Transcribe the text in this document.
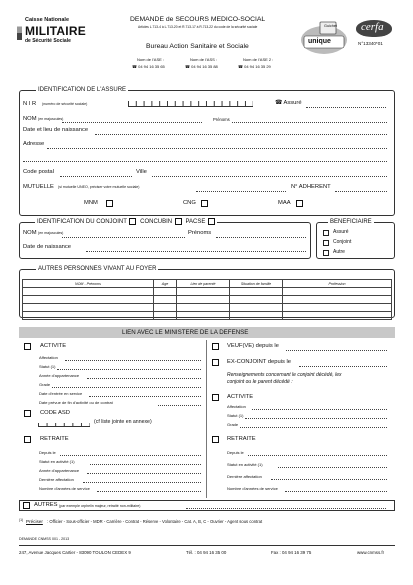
Caisse Nationale
MILITAIRE
de Sécurité Sociale
DEMANDE de SECOURS MEDICO-SOCIAL
Articles L.713-4 à L.713-20 et R.713-17 à R.713-22 du code de la sécurité sociale
Bureau Action Sanitaire et Sociale
Nom de l'ASE :
☎ 04 94 16 35 65
Nom de l'ASS :
☎ 04 94 16 35 88
Nom de l'ASE 2 :
☎ 04 94 16 35 29
Guichet
unique
cerfa
N°13340*01
IDENTIFICATION DE L'ASSURE
N I R (numéro de sécurité sociale)	☎ Assuré
NOM (en majuscules)	Prénoms
Date et lieu de naissance
Adresse
Code postal	Ville
MUTUELLE (si mutuelle UNEO, préciser votre mutuelle sociale)	N° ADHERENT
MNM	CNG	MAA
IDENTIFICATION DU CONJOINT CONCUBIN PACSE
NOM (en majuscules)	Prénoms
Date de naissance
BENEFICIAIRE
Assuré
Conjoint
Autre
AUTRES PERSONNES VIVANT AU FOYER
NOM - Prénoms	Age	Lien de parenté	Situation de famille	Profession

LIEN AVEC LE MINISTERE DE LA DEFENSE
ACTIVITE
Affectation
Statut (1)
Année d'appartenance
Grade
Date d'entrée en service
Date prévue de fin d'activité ou de contrat
CODE ASD
(cf liste jointe en annexe)
RETRAITE
Depuis le
Statut en activité (1)
Année d'appartenance
Dernière affectation
Nombre d'années de service
VEUF(VE) depuis le
EX-CONJOINT depuis le
Renseignements concernant le conjoint décédé, lex conjoint ou le parent décédé :
ACTIVITE
Affectation
Statut (1)
Grade
RETRAITE
Depuis le
Statut en activité (1)
Dernière affectation
Nombre d'années de service
AUTRES (par exemple orphelin majeur, retraité non-militaire)
(1) Préciser : Officier - Sous-officier - MDR - Carrière - Contrat - Réserve - Volontaire - Cat. A, B, C - Ouvrier - Agent sous contrat
DEMANDE CNMSS 001 - 2013
247, Avenue Jacques Cartier - 83090 TOULON CEDEX 9	Tél. : 04 94 16 35 00	Fax : 04 94 16 39 75	www.cnmss.fr
